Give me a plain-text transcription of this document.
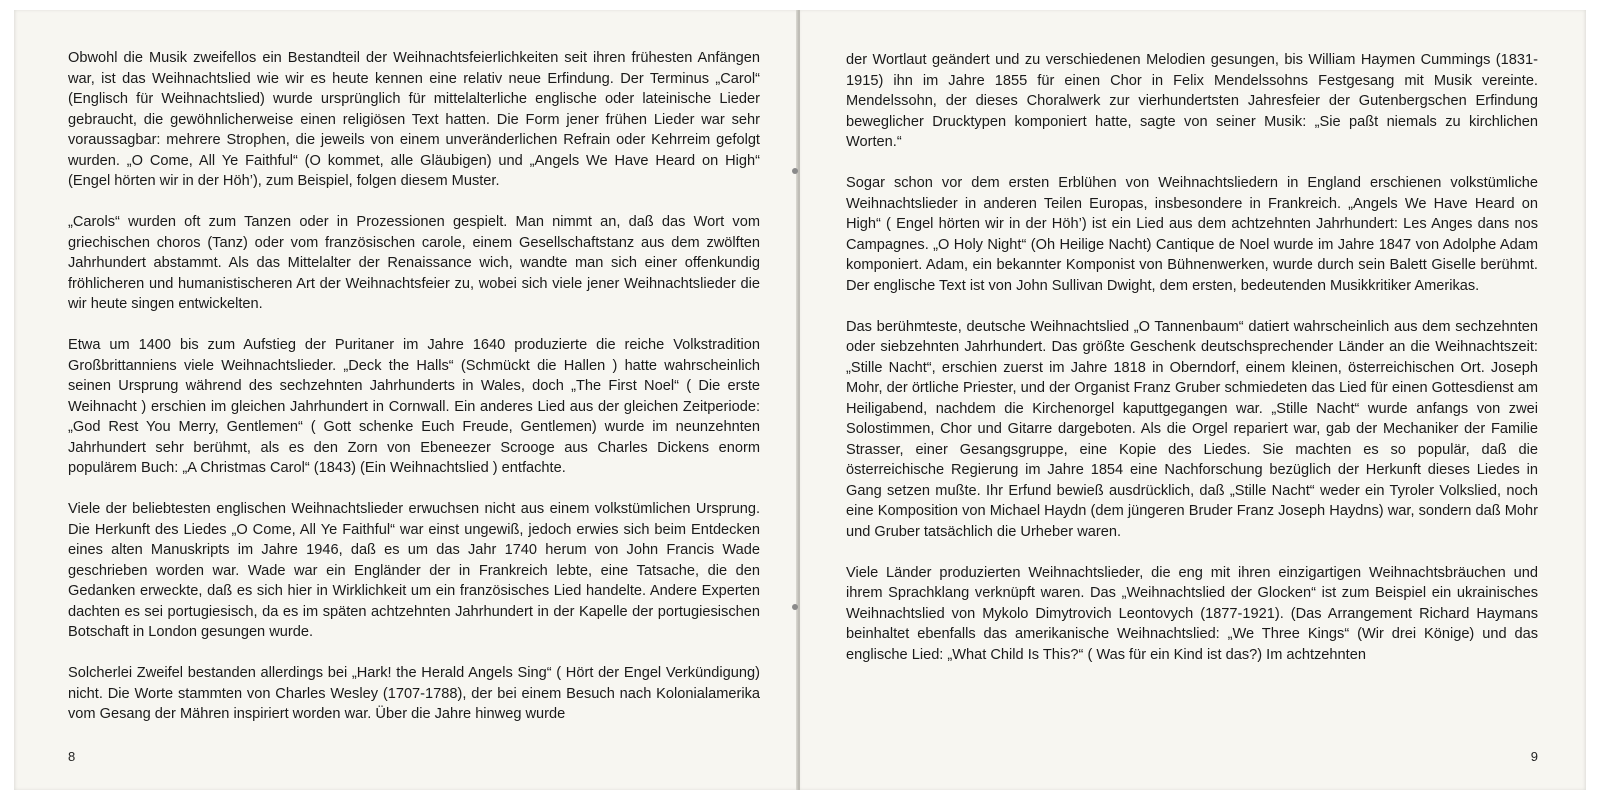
Obwohl die Musik zweifellos ein Bestandteil der Weihnachtsfeierlichkeiten seit ihren frühesten Anfängen war, ist das Weihnachtslied wie wir es heute kennen eine relativ neue Erfindung. Der Terminus „Carol“ (Englisch für Weihnachtslied) wurde ursprünglich für mittelalterliche englische oder lateinische Lieder gebraucht, die gewöhnlicherweise einen religiösen Text hatten. Die Form jener frühen Lieder war sehr voraussagbar: mehrere Strophen, die jeweils von einem unveränderlichen Refrain oder Kehrreim gefolgt wurden. „O Come, All Ye Faithful“ (O kommet, alle Gläubigen) und „Angels We Have Heard on High“ (Engel hörten wir in der Höh’), zum Beispiel, folgen diesem Muster.

„Carols“ wurden oft zum Tanzen oder in Prozessionen gespielt. Man nimmt an, daß das Wort vom griechischen choros (Tanz) oder vom französischen carole, einem Gesellschaftstanz aus dem zwölften Jahrhundert abstammt. Als das Mittelalter der Renaissance wich, wandte man sich einer offenkundig fröhlicheren und humanistischeren Art der Weihnachtsfeier zu, wobei sich viele jener Weihnachtslieder die wir heute singen entwickelten.

Etwa um 1400 bis zum Aufstieg der Puritaner im Jahre 1640 produzierte die reiche Volkstradition Großbrittanniens viele Weihnachtslieder. „Deck the Halls“ (Schmückt die Hallen ) hatte wahrscheinlich seinen Ursprung während des sechzehnten Jahrhunderts in Wales, doch „The First Noel“ ( Die erste Weihnacht ) erschien im gleichen Jahrhundert in Cornwall. Ein anderes Lied aus der gleichen Zeitperiode: „God Rest You Merry, Gentlemen“ ( Gott schenke Euch Freude, Gentlemen) wurde im neunzehnten Jahrhundert sehr berühmt, als es den Zorn von Ebeneezer Scrooge aus Charles Dickens enorm populärem Buch: „A Christmas Carol“ (1843) (Ein Weihnachtslied ) entfachte.

Viele der beliebtesten englischen Weihnachtslieder erwuchsen nicht aus einem volkstümlichen Ursprung. Die Herkunft des Liedes „O Come, All Ye Faithful“ war einst ungewiß, jedoch erwies sich beim Entdecken eines alten Manuskripts im Jahre 1946, daß es um das Jahr 1740 herum von John Francis Wade geschrieben worden war. Wade war ein Engländer der in Frankreich lebte, eine Tatsache, die den Gedanken erweckte, daß es sich hier in Wirklichkeit um ein französisches Lied handelte. Andere Experten dachten es sei portugiesisch, da es im späten achtzehnten Jahrhundert in der Kapelle der portugiesischen Botschaft in London gesungen wurde.

Solcherlei Zweifel bestanden allerdings bei „Hark! the Herald Angels Sing“ ( Hört der Engel Verkündigung) nicht. Die Worte stammten von Charles Wesley (1707-1788), der bei einem Besuch nach Kolonialamerika vom Gesang der Mähren inspiriert worden war. Über die Jahre hinweg wurde

8

der Wortlaut geändert und zu verschiedenen Melodien gesungen, bis William Haymen Cummings (1831-1915) ihn im Jahre 1855 für einen Chor in Felix Mendelssohns Festgesang mit Musik vereinte. Mendelssohn, der dieses Choralwerk zur vierhundertsten Jahresfeier der Gutenbergschen Erfindung beweglicher Drucktypen komponiert hatte, sagte von seiner Musik: „Sie paßt niemals zu kirchlichen Worten.“

Sogar schon vor dem ersten Erblühen von Weihnachtsliedern in England erschienen volkstümliche Weihnachtslieder in anderen Teilen Europas, insbesondere in Frankreich. „Angels We Have Heard on High“ ( Engel hörten wir in der Höh’) ist ein Lied aus dem achtzehnten Jahrhundert: Les Anges dans nos Campagnes. „O Holy Night“ (Oh Heilige Nacht) Cantique de Noel wurde im Jahre 1847 von Adolphe Adam komponiert. Adam, ein bekannter Komponist von Bühnenwerken, wurde durch sein Balett Giselle berühmt. Der englische Text ist von John Sullivan Dwight, dem ersten, bedeutenden Musikkritiker Amerikas.

Das berühmteste, deutsche Weihnachtslied „O Tannenbaum“ datiert wahrscheinlich aus dem sechzehnten oder siebzehnten Jahrhundert. Das größte Geschenk deutschsprechender Länder an die Weihnachtszeit: „Stille Nacht“, erschien zuerst im Jahre 1818 in Oberndorf, einem kleinen, österreichischen Ort. Joseph Mohr, der örtliche Priester, und der Organist Franz Gruber schmiedeten das Lied für einen Gottesdienst am Heiligabend, nachdem die Kirchenorgel kaputtgegangen war. „Stille Nacht“ wurde anfangs von zwei Solostimmen, Chor und Gitarre dargeboten. Als die Orgel repariert war, gab der Mechaniker der Familie Strasser, einer Gesangsgruppe, eine Kopie des Liedes. Sie machten es so populär, daß die österreichische Regierung im Jahre 1854 eine Nachforschung bezüglich der Herkunft dieses Liedes in Gang setzen mußte. Ihr Erfund bewieß ausdrücklich, daß „Stille Nacht“ weder ein Tyroler Volkslied, noch eine Komposition von Michael Haydn (dem jüngeren Bruder Franz Joseph Haydns) war, sondern daß Mohr und Gruber tatsächlich die Urheber waren.

Viele Länder produzierten Weihnachtslieder, die eng mit ihren einzigartigen Weihnachtsbräuchen und ihrem Sprachklang verknüpft waren. Das „Weihnachtslied der Glocken“ ist zum Beispiel ein ukrainisches Weihnachtslied von Mykolo Dimytrovich Leontovych (1877-1921). (Das Arrangement Richard Haymans beinhaltet ebenfalls das amerikanische Weihnachtslied: „We Three Kings“ (Wir drei Könige) und das englische Lied: „What Child Is This?“ ( Was für ein Kind ist das?) Im achtzehnten

9
